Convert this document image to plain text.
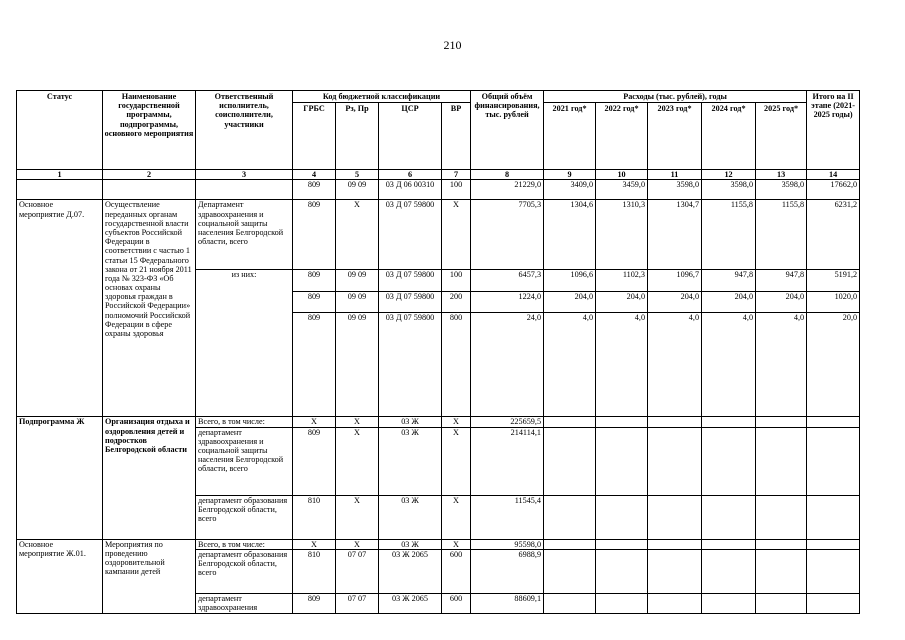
210
Статус	Наименование государственной программы, подпрограммы, основного мероприятия	Ответственный исполнитель, соисполнители, участники	Код бюджетной классификации				Общий объём финансирования, тыс. рублей	Расходы (тыс. рублей), годы					Итого на II этапе (2021-2025 годы)
			ГРБС	Рз, Пр	ЦСР	ВР		2021 год*	2022 год*	2023 год*	2024 год*	2025 год*	
1	2	3	4	5	6	7	8	9	10	11	12	13	14
			809	09 09	03 Д 06 00310	100	21229,0	3409,0	3459,0	3598,0	3598,0	3598,0	17662,0
Основное мероприятие Д.07.	Осуществление переданных органам государственной власти субъектов Российской Федерации в соответствии с частью 1 статьи 15 Федерального закона от 21 ноября 2011 года № 323-ФЗ «Об основах охраны здоровья граждан в Российской Федерации» полномочий Российской Федерации в сфере охраны здоровья	Департамент здравоохранения и социальной защиты населения Белгородской области, всего	809	Х	03 Д 07 59800	Х	7705,3	1304,6	1310,3	1304,7	1155,8	1155,8	6231,2
		из них:	809	09 09	03 Д 07 59800	100	6457,3	1096,6	1102,3	1096,7	947,8	947,8	5191,2
			809	09 09	03 Д 07 59800	200	1224,0	204,0	204,0	204,0	204,0	204,0	1020,0
			809	09 09	03 Д 07 59800	800	24,0	4,0	4,0	4,0	4,0	4,0	20,0
Подпрограмма Ж	Организация отдыха и оздоровления детей и подростков Белгородской области	Всего, в том числе:	Х	Х	03 Ж	Х	225659,5						
		департамент здравоохранения и социальной защиты населения Белгородской области, всего	809	Х	03 Ж	Х	214114,1						
		департамент образования Белгородской области, всего	810	Х	03 Ж	Х	11545,4						
Основное мероприятие Ж.01.	Мероприятия по проведению оздоровительной кампании детей	Всего, в том числе:	Х	Х	03 Ж	Х	95598,0						
		департамент образования Белгородской области, всего	810	07 07	03 Ж 2065	600	6988,9						
		департамент здравоохранения	809	07 07	03 Ж 2065	600	88609,1						
